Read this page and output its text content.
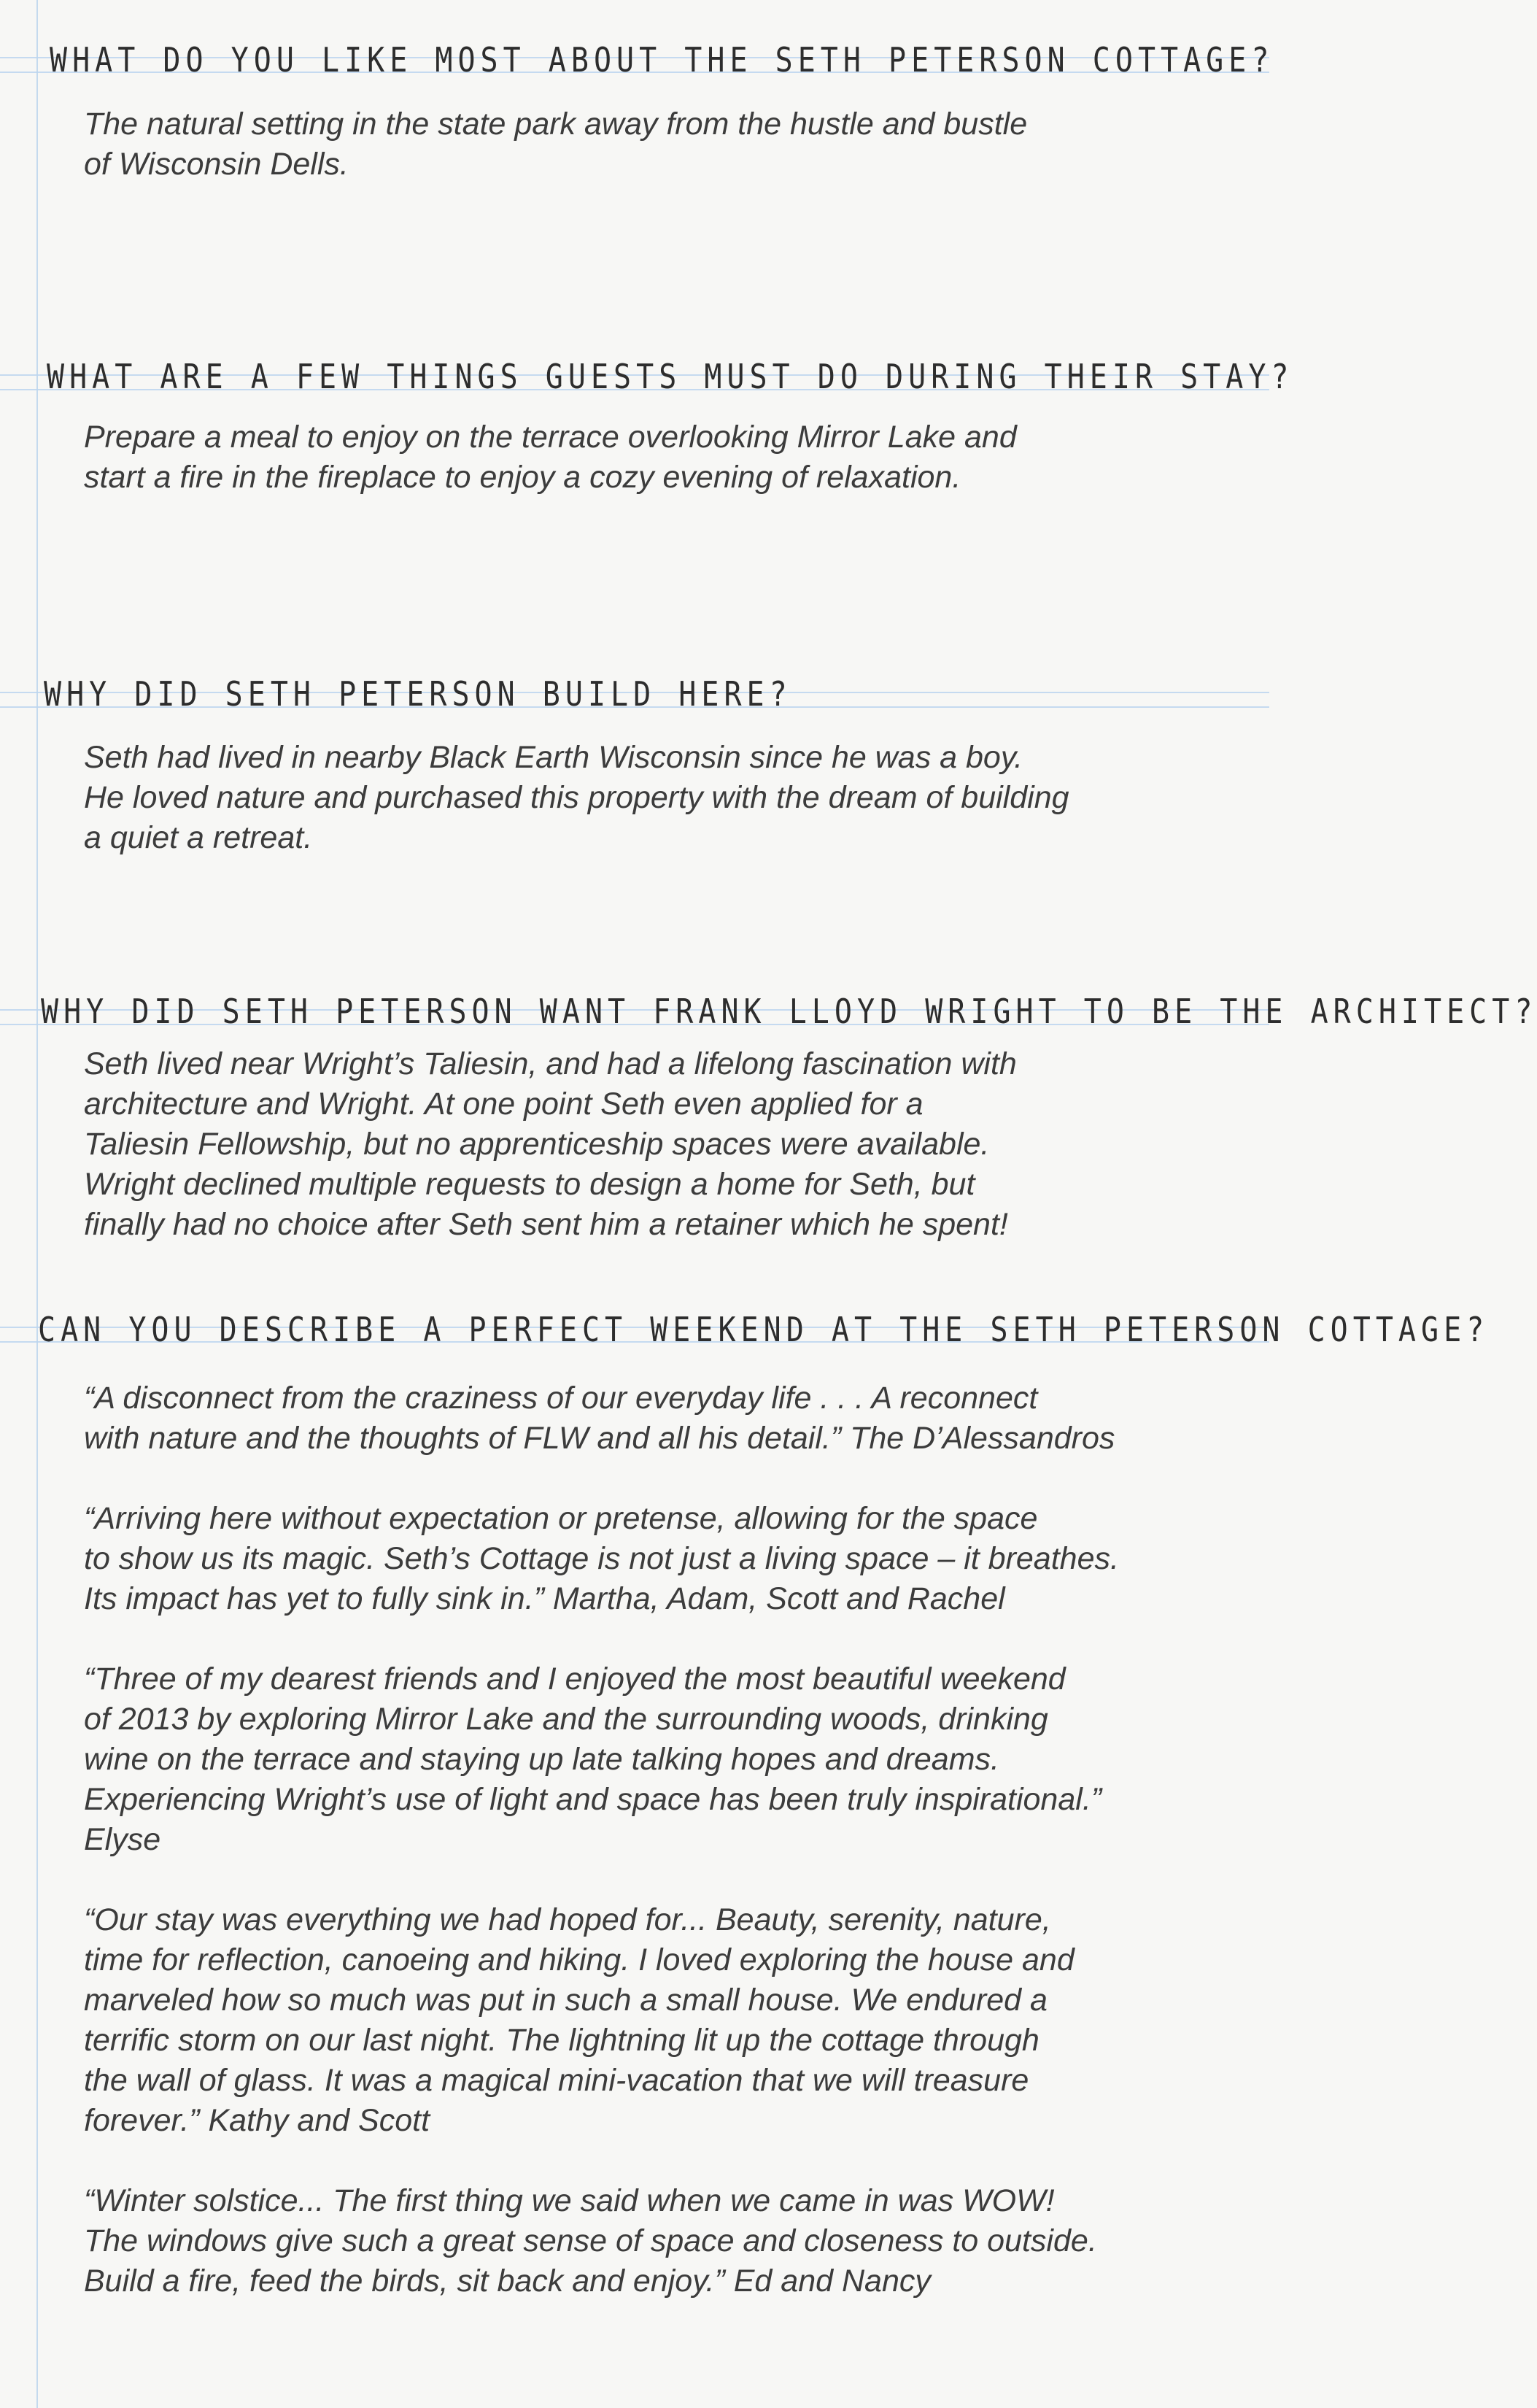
WHAT DO YOU LIKE MOST ABOUT THE SETH PETERSON COTTAGE?

The natural setting in the state park away from the hustle and bustle
of Wisconsin Dells.

WHAT ARE A FEW THINGS GUESTS MUST DO DURING THEIR STAY?

Prepare a meal to enjoy on the terrace overlooking Mirror Lake and
start a fire in the fireplace to enjoy a cozy evening of relaxation.

WHY DID SETH PETERSON BUILD HERE?

Seth had lived in nearby Black Earth Wisconsin since he was a boy.
He loved nature and purchased this property with the dream of building
a quiet a retreat.

WHY DID SETH PETERSON WANT FRANK LLOYD WRIGHT TO BE THE ARCHITECT?

Seth lived near Wright’s Taliesin, and had a lifelong fascination with
architecture and Wright. At one point Seth even applied for a
Taliesin Fellowship, but no apprenticeship spaces were available.
Wright declined multiple requests to design a home for Seth, but
finally had no choice after Seth sent him a retainer which he spent!

CAN YOU DESCRIBE A PERFECT WEEKEND AT THE SETH PETERSON COTTAGE?

“A disconnect from the craziness of our everyday life . . . A reconnect
with nature and the thoughts of FLW and all his detail.” The D’Alessandros

“Arriving here without expectation or pretense, allowing for the space
to show us its magic. Seth’s Cottage is not just a living space – it breathes.
Its impact has yet to fully sink in.” Martha, Adam, Scott and Rachel

“Three of my dearest friends and I enjoyed the most beautiful weekend
of 2013 by exploring Mirror Lake and the surrounding woods, drinking
wine on the terrace and staying up late talking hopes and dreams.
Experiencing Wright’s use of light and space has been truly inspirational.”
Elyse

“Our stay was everything we had hoped for... Beauty, serenity, nature,
time for reflection, canoeing and hiking. I loved exploring the house and
marveled how so much was put in such a small house. We endured a
terrific storm on our last night. The lightning lit up the cottage through
the wall of glass. It was a magical mini-vacation that we will treasure
forever.” Kathy and Scott

“Winter solstice... The first thing we said when we came in was WOW!
The windows give such a great sense of space and closeness to outside.
Build a fire, feed the birds, sit back and enjoy.” Ed and Nancy
